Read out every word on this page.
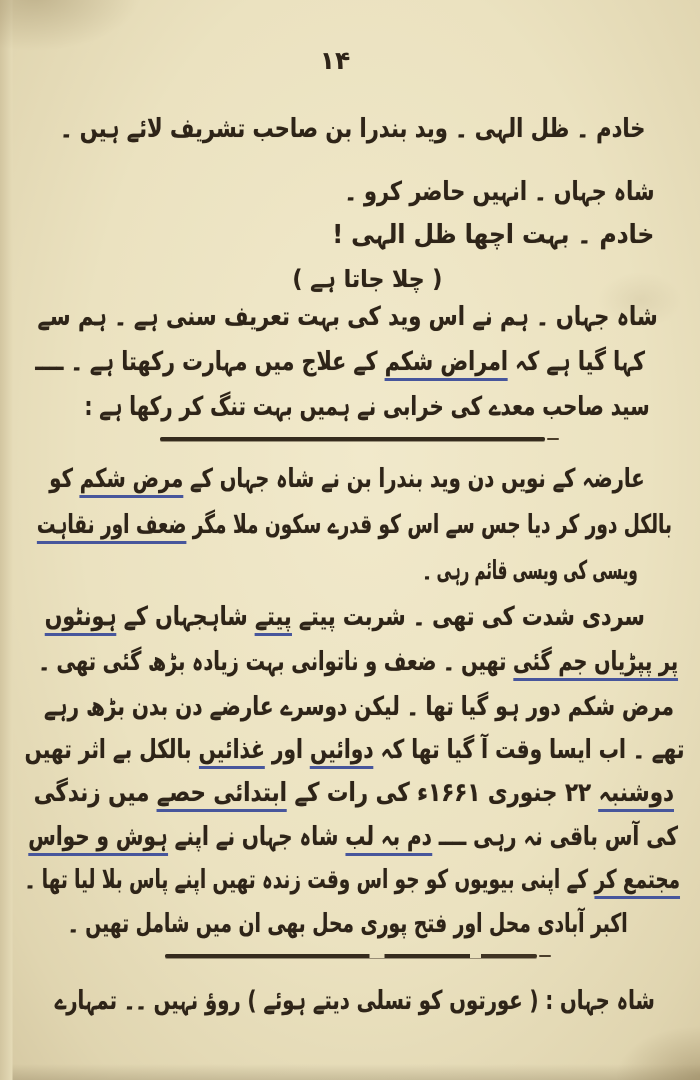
۱۴
خادم ۔ ظل الہی ۔ وید بندرا بن صاحب تشریف لائے ہیں ۔
شاہ جہاں ۔ انہیں حاضر کرو ۔
خادم ۔ بہت اچھا ظل الہی !
( چلا جاتا ہے )
شاہ جہاں ۔ ہم نے اس وید کی بہت تعریف سنی ہے ۔ ہم سے
کہا گیا ہے کہ امراض شکم کے علاج میں مہارت رکھتا ہے ۔ ــــ
سید صاحب معدے کی خرابی نے ہمیں بہت تنگ کر رکھا ہے :
عارضہ کے نویں دن وید بندرا بن نے شاہ جہاں کے مرض شکم کو
بالکل دور کر دیا جس سے اس کو قدرے سکون ملا مگر ضعف اور نقاہت
ویسی کی ویسی قائم رہی ۔
سردی شدت کی تھی ۔ شربت پیتے پیتے شاہجہاں کے ہونٹوں
پر پپڑیاں جم گئی تھیں ۔ ضعف و ناتوانی بہت زیادہ بڑھ گئی تھی ۔
مرض شکم دور ہو گیا تھا ۔ لیکن دوسرے عارضے دن بدن بڑھ رہے
تھے ۔ اب ایسا وقت آ گیا تھا کہ دوائیں اور غذائیں بالکل بے اثر تھیں
دوشنبہ ۲۲ جنوری ۱۶۶۱ء کی رات کے ابتدائی حصے میں زندگی
کی آس باقی نہ رہی ــــ دم بہ لب شاہ جہاں نے اپنے ہوش و حواس
مجتمع کر کے اپنی بیویوں کو جو اس وقت زندہ تھیں اپنے پاس بلا لیا تھا ۔
اکبر آبادی محل اور فتح پوری محل بھی ان میں شامل تھیں ۔
شاہ جہاں : ( عورتوں کو تسلی دیتے ہوئے ) روؤ نہیں ۔۔ تمہارے
